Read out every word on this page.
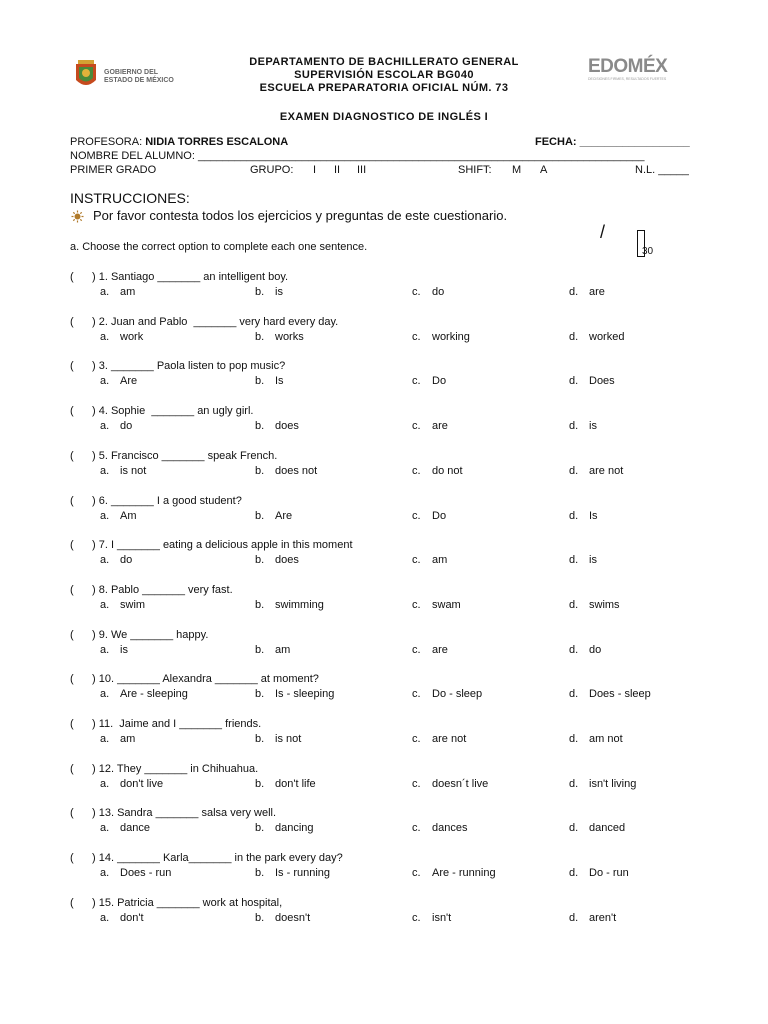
GOBIERNO DEL
ESTADO DE MÉXICO
DEPARTAMENTO DE BACHILLERATO GENERAL
SUPERVISIÓN ESCOLAR BG040
ESCUELA PREPARATORIA OFICIAL NÚM. 73
EXAMEN DIAGNOSTICO DE INGLÉS I
EDOMÉX
DECISIONES FIRMES, RESULTADOS FUERTES
PROFESORA: NIDIA TORRES ESCALONA	FECHA: __________________
NOMBRE DEL ALUMNO: _________________________________________________________________________
PRIMER GRADO	GRUPO: I II III	SHIFT: M A	N.L. _____
INSTRUCCIONES:
Por favor contesta todos los ejercicios y preguntas de este cuestionario.
/
30
a. Choose the correct option to complete each one sentence.
(      ) 1. Santiago _______ an intelligent boy.
a. am	b. is	c. do	d. are
(      ) 2. Juan and Pablo  _______ very hard every day.
a. work	b. works	c. working	d. worked
(      ) 3. _______ Paola listen to pop music?
a. Are	b. Is	c. Do	d. Does
(      ) 4. Sophie  _______ an ugly girl.
a. do	b. does	c. are	d. is
(      ) 5. Francisco _______ speak French.
a. is not	b. does not	c. do not	d. are not
(      ) 6. _______ I a good student?
a. Am	b. Are	c. Do	d. Is
(      ) 7. I _______ eating a delicious apple in this moment
a. do	b. does	c. am	d. is
(      ) 8. Pablo _______ very fast.
a. swim	b. swimming	c. swam	d. swims
(      ) 9. We _______ happy.
a. is	b. am	c. are	d. do
(      ) 10. _______ Alexandra _______ at moment?
a. Are - sleeping	b. Is - sleeping	c. Do - sleep	d. Does - sleep
(      ) 11.  Jaime and I _______ friends.
a. am	b. is not	c. are not	d. am not
(      ) 12. They _______ in Chihuahua.
a. don't live	b. don't life	c. doesn´t live	d. isn't living
(      ) 13. Sandra _______ salsa very well.
a. dance	b. dancing	c. dances	d. danced
(      ) 14. _______ Karla_______ in the park every day?
a. Does - run	b. Is - running	c. Are - running	d. Do - run
(      ) 15. Patricia _______ work at hospital,
a. don't	b. doesn't	c. isn't	d. aren't
